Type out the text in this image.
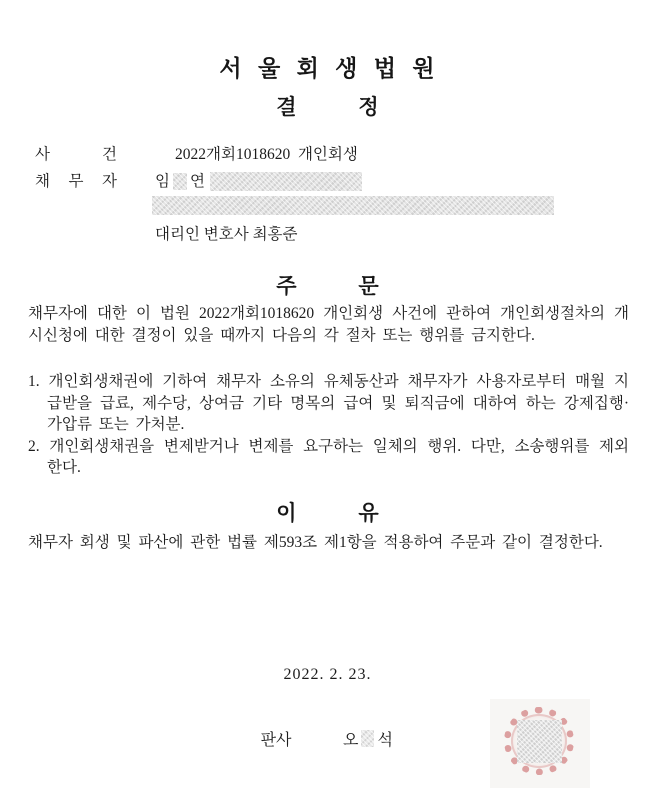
서 울 회 생 법 원
결 정
사 건	2022개회1018620  개인회생
채 무 자 임 연
대리인 변호사 최홍준
주 문
채무자에 대한 이 법원 2022개회1018620 개인회생 사건에 관하여 개인회생절차의 개
시신청에 대한 결정이 있을 때까지 다음의 각 절차 또는 행위를 금지한다.
1. 개인회생채권에 기하여 채무자 소유의 유체동산과 채무자가 사용자로부터 매월 지
급받을 급료, 제수당, 상여금 기타 명목의 급여 및 퇴직금에 대하여 하는 강제집행·
가압류 또는 가처분.
2. 개인회생채권을 변제받거나 변제를 요구하는 일체의 행위. 다만, 소송행위를 제외
한다.
이 유
채무자 회생 및 파산에 관한 법률 제593조 제1항을 적용하여 주문과 같이 결정한다.
2022. 2. 23.
판사	오 석
